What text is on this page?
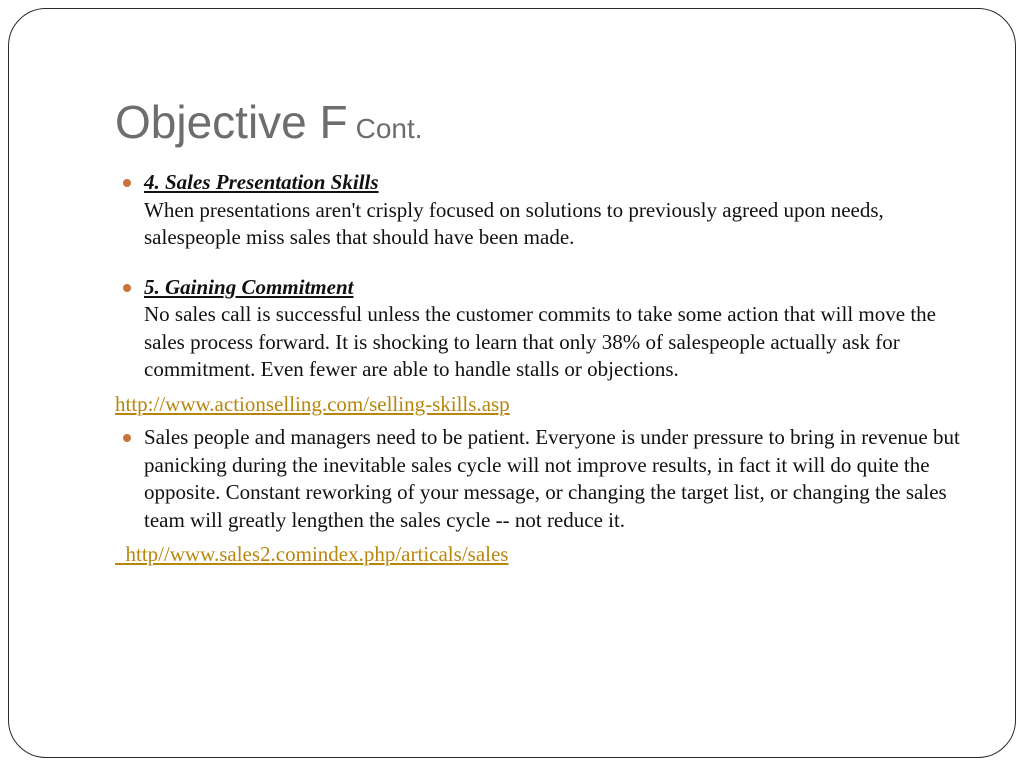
Objective F Cont.
4. Sales Presentation Skills
When presentations aren't crisply focused on solutions to previously agreed upon needs, salespeople miss sales that should have been made.
5. Gaining Commitment
No sales call is successful unless the customer commits to take some action that will move the sales process forward. It is shocking to learn that only 38% of salespeople actually ask for commitment. Even fewer are able to handle stalls or objections.
http://www.actionselling.com/selling-skills.asp
Sales people and managers need to be patient. Everyone is under pressure to bring in revenue but panicking during the inevitable sales cycle will not improve results, in fact it will do quite the opposite. Constant reworking of your message, or changing the target list, or changing the sales team will greatly lengthen the sales cycle -- not reduce it.
http//www.sales2.comindex.php/articals/sales
